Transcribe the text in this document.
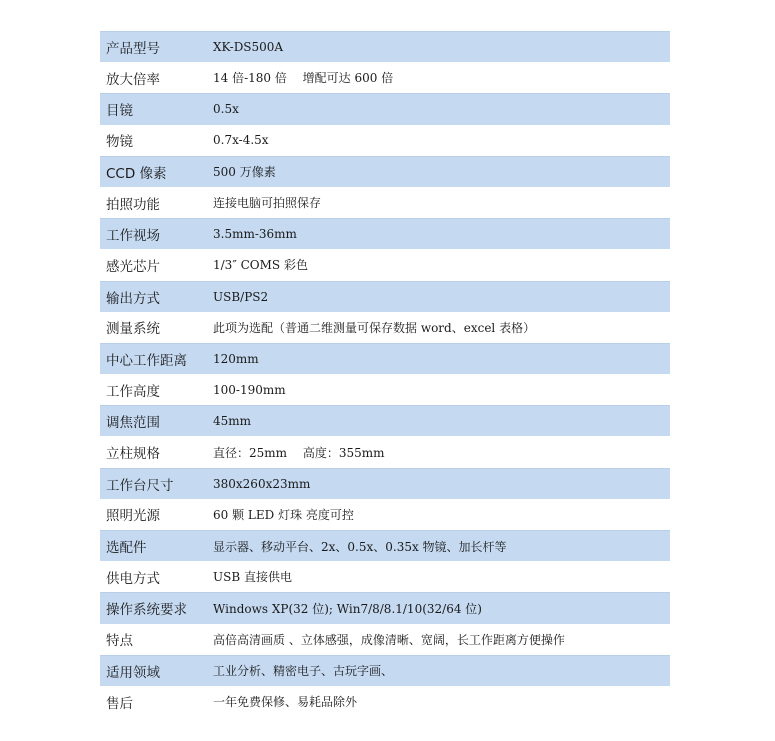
产品型号	XK-DS500A
放大倍率	14 倍-180 倍　 增配可达 600 倍
目镜	0.5x
物镜	0.7x-4.5x
CCD 像素	500 万像素
拍照功能	连接电脑可拍照保存
工作视场	3.5mm-36mm
感光芯片	1/3″ COMS 彩色
输出方式	USB/PS2
测量系统	此项为选配（普通二维测量可保存数据 word、excel 表格）
中心工作距离	120mm
工作高度	100-190mm
调焦范围	45mm
立柱规格	直径：25mm　 高度：355mm
工作台尺寸	380x260x23mm
照明光源	60 颗 LED 灯珠 亮度可控
选配件	显示器、移动平台、2x、0.5x、0.35x 物镜、加长杆等
供电方式	USB 直接供电
操作系统要求	Windows XP(32 位); Win7/8/8.1/10(32/64 位)
特点	高倍高清画质 、立体感强，成像清晰、宽阔，长工作距离方便操作
适用领域	工业分析、精密电子、古玩字画、
售后	一年免费保修、易耗品除外
